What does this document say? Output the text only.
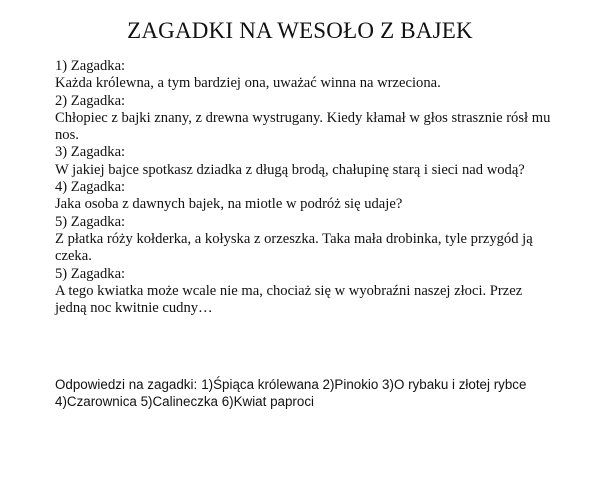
ZAGADKI NA WESOŁO Z BAJEK
1) Zagadka:
Każda królewna, a tym bardziej ona, uważać winna na wrzeciona.
2) Zagadka:
Chłopiec z bajki znany, z drewna wystrugany. Kiedy kłamał w głos strasznie rósł mu nos.
3) Zagadka:
W jakiej bajce spotkasz dziadka z długą brodą, chałupinę starą i sieci nad wodą?
4) Zagadka:
Jaka osoba z dawnych bajek, na miotle w podróż się udaje?
5) Zagadka:
Z płatka róży kołderka, a kołyska z orzeszka. Taka mała drobinka, tyle przygód ją czeka.
5) Zagadka:
A tego kwiatka może wcale nie ma, chociaż się w wyobraźni naszej złoci. Przez jedną noc kwitnie cudny…
Odpowiedzi na zagadki: 1)Śpiąca królewana 2)Pinokio 3)O rybaku i złotej rybce
4)Czarownica 5)Calineczka 6)Kwiat paproci
